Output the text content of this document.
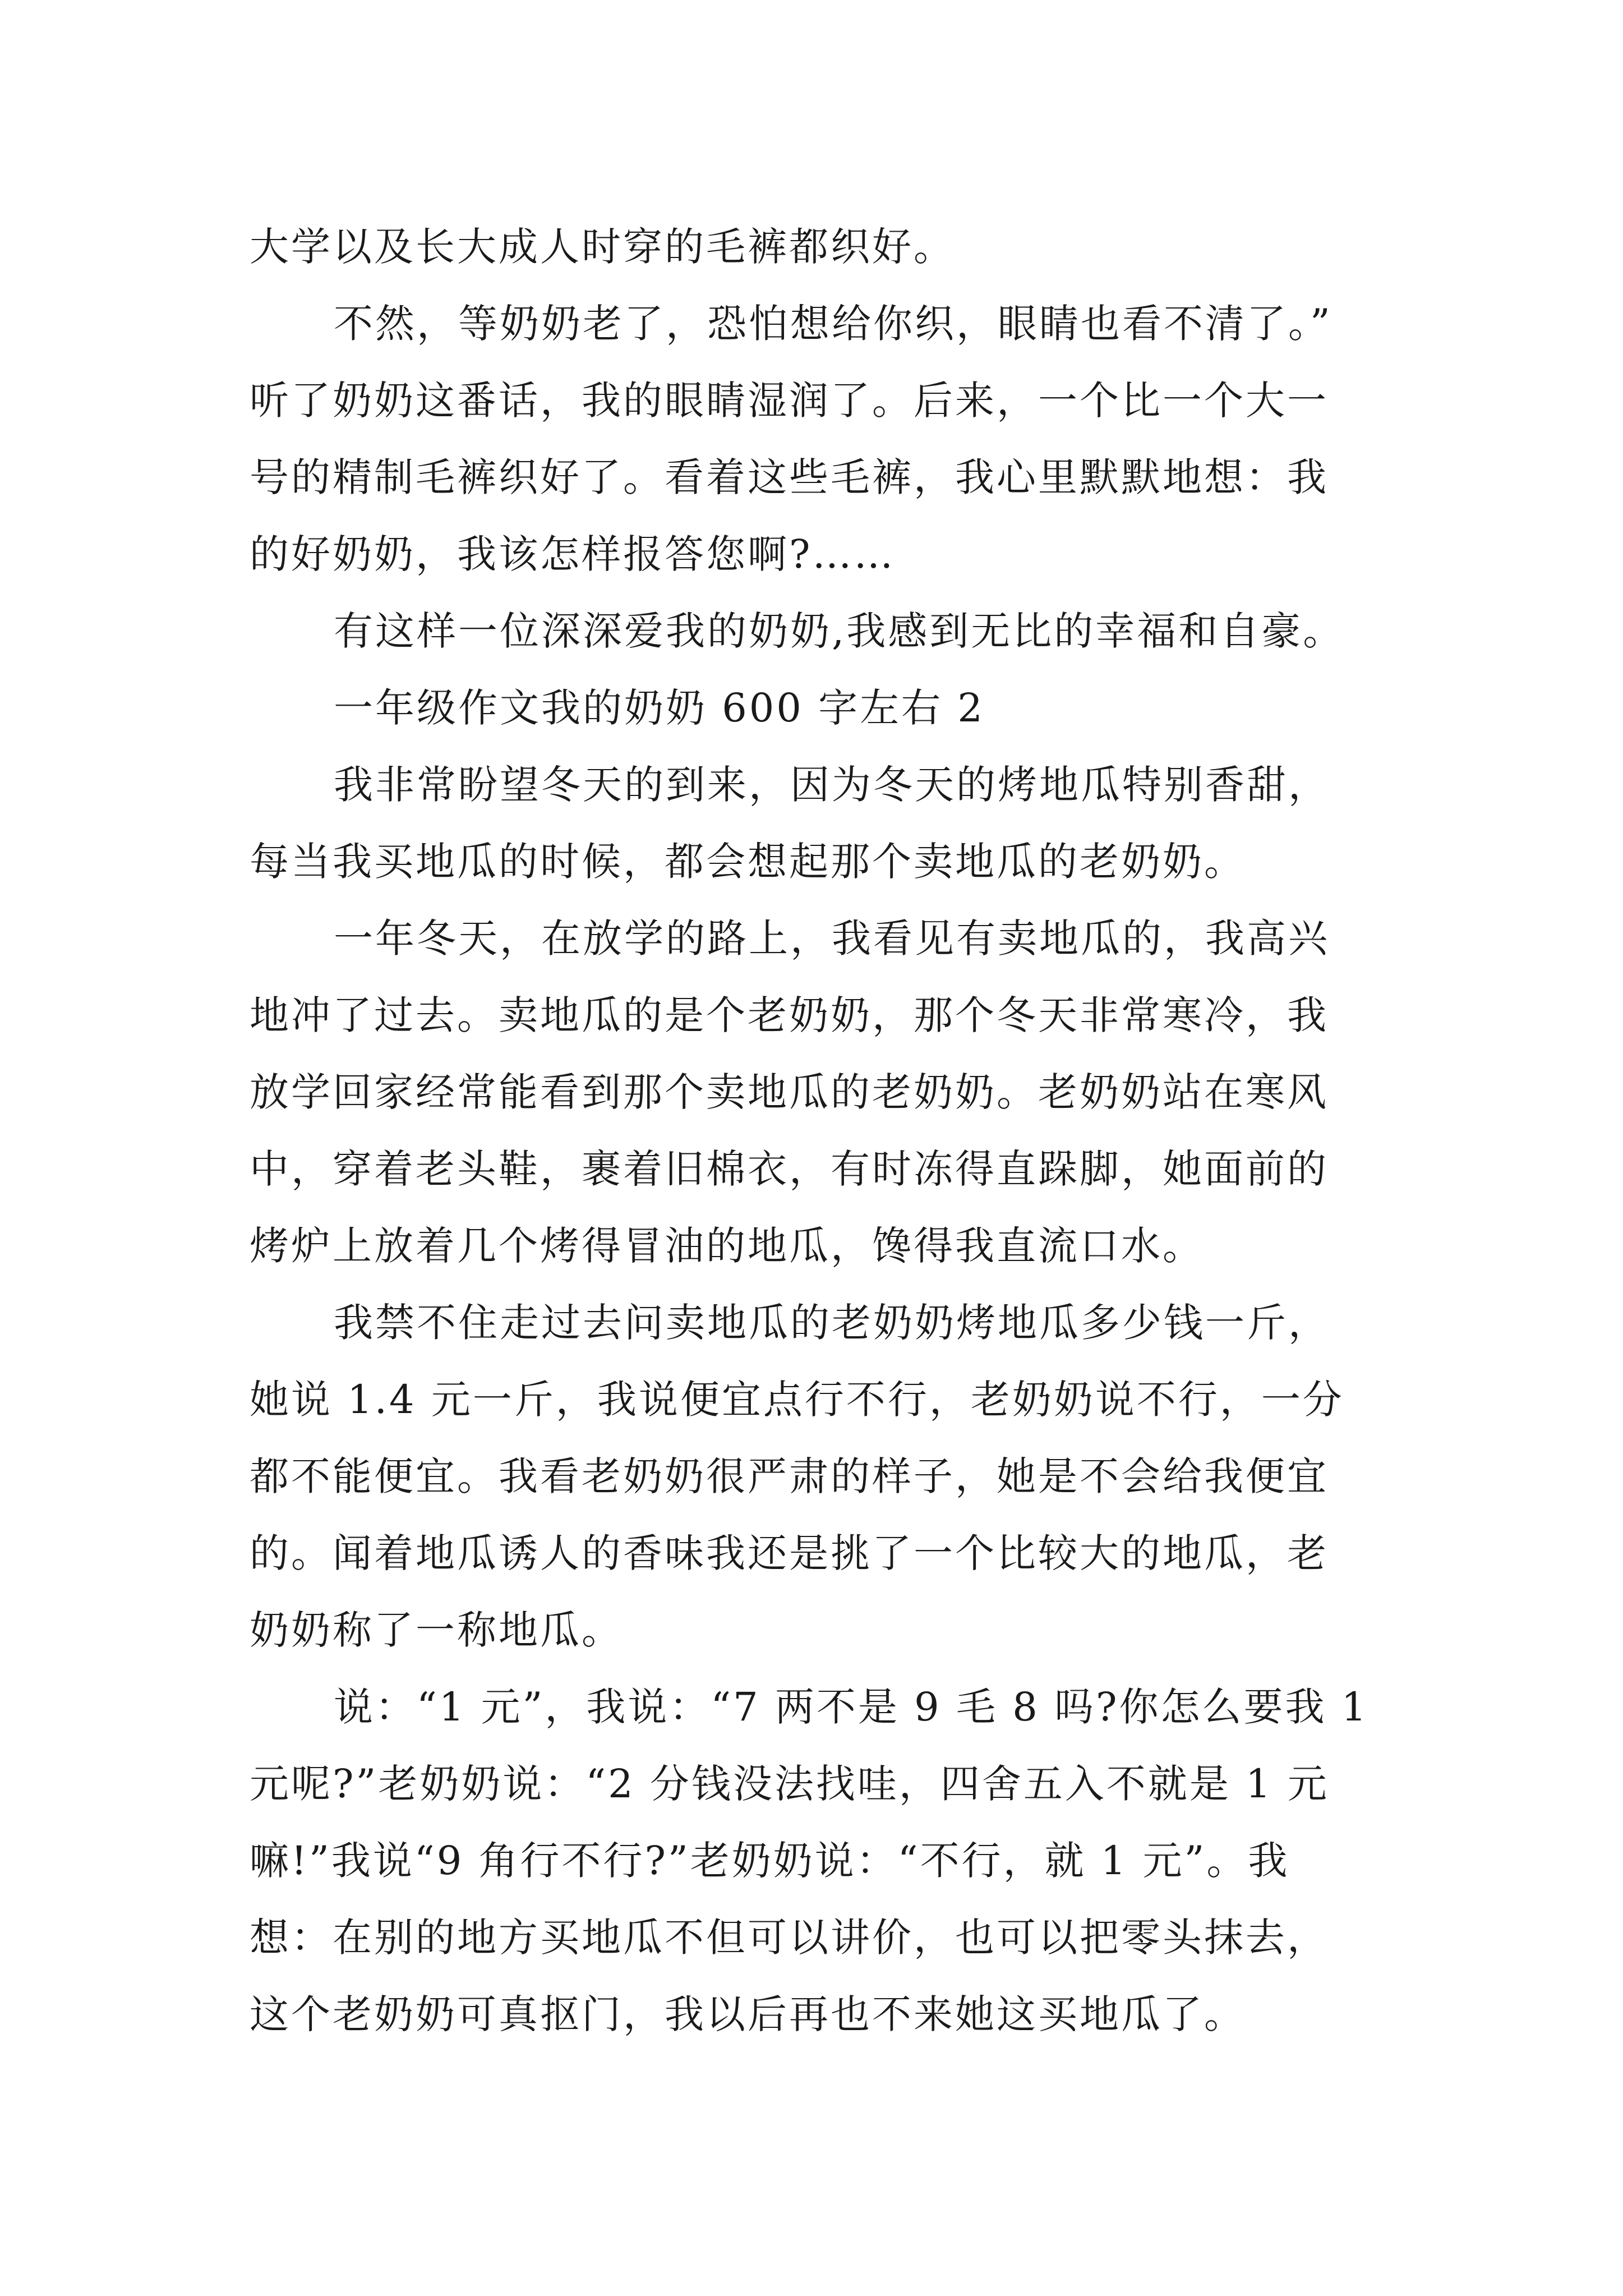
大学以及长大成人时穿的毛裤都织好。
不然，等奶奶老了，恐怕想给你织，眼睛也看不清了。”
听了奶奶这番话，我的眼睛湿润了。后来，一个比一个大一
号的精制毛裤织好了。看着这些毛裤，我心里默默地想：我
的好奶奶，我该怎样报答您啊?……
有这样一位深深爱我的奶奶,我感到无比的幸福和自豪。
一年级作文我的奶奶 600 字左右 2
我非常盼望冬天的到来，因为冬天的烤地瓜特别香甜，
每当我买地瓜的时候，都会想起那个卖地瓜的老奶奶。
一年冬天，在放学的路上，我看见有卖地瓜的，我高兴
地冲了过去。卖地瓜的是个老奶奶，那个冬天非常寒冷，我
放学回家经常能看到那个卖地瓜的老奶奶。老奶奶站在寒风
中，穿着老头鞋，裹着旧棉衣，有时冻得直跺脚，她面前的
烤炉上放着几个烤得冒油的地瓜，馋得我直流口水。
我禁不住走过去问卖地瓜的老奶奶烤地瓜多少钱一斤，
她说 1.4 元一斤，我说便宜点行不行，老奶奶说不行，一分
都不能便宜。我看老奶奶很严肃的样子，她是不会给我便宜
的。闻着地瓜诱人的香味我还是挑了一个比较大的地瓜，老
奶奶称了一称地瓜。
说：“1 元”，我说：“7 两不是 9 毛 8 吗?你怎么要我 1
元呢?”老奶奶说：“2 分钱没法找哇，四舍五入不就是 1 元
嘛!”我说“9 角行不行?”老奶奶说：“不行，就 1 元”。我
想：在别的地方买地瓜不但可以讲价，也可以把零头抹去，
这个老奶奶可真抠门，我以后再也不来她这买地瓜了。
